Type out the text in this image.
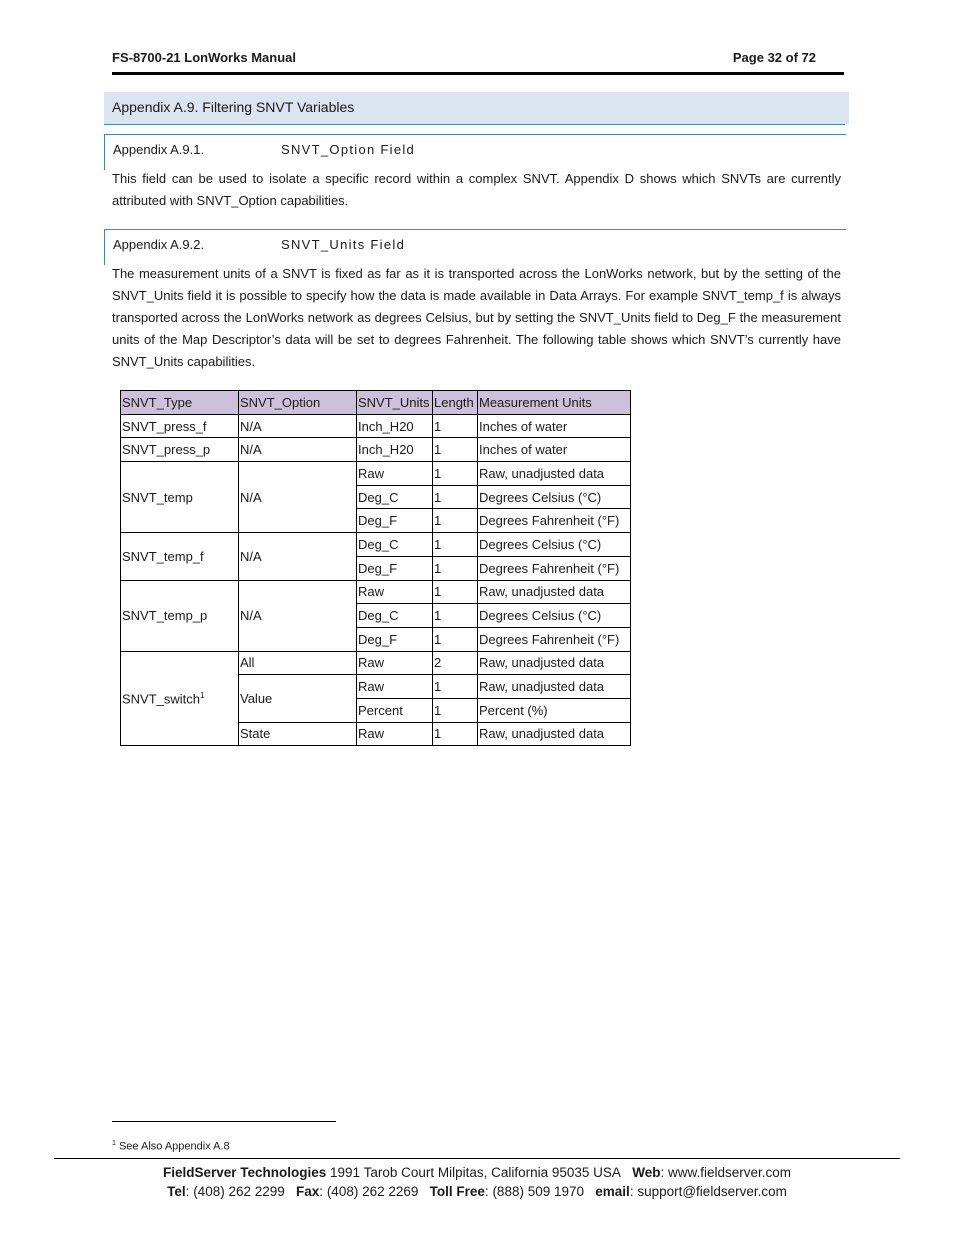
FS-8700-21 LonWorks Manual	Page 32 of 72
Appendix A.9. Filtering SNVT Variables
Appendix A.9.1.	SNVT_Option Field

This field can be used to isolate a specific record within a complex SNVT. Appendix D shows which SNVTs are currently attributed with SNVT_Option capabilities.

Appendix A.9.2.	SNVT_Units Field

The measurement units of a SNVT is fixed as far as it is transported across the LonWorks network, but by the setting of the SNVT_Units field it is possible to specify how the data is made available in Data Arrays. For example SNVT_temp_f is always transported across the LonWorks network as degrees Celsius, but by setting the SNVT_Units field to Deg_F the measurement units of the Map Descriptor’s data will be set to degrees Fahrenheit. The following table shows which SNVT’s currently have SNVT_Units capabilities.

SNVT_Type	SNVT_Option	SNVT_Units	Length	Measurement Units
SNVT_press_f	N/A	Inch_H20	1	Inches of water
SNVT_press_p	N/A	Inch_H20	1	Inches of water
SNVT_temp	N/A	Raw	1	Raw, unadjusted data
		Deg_C	1	Degrees Celsius (°C)
		Deg_F	1	Degrees Fahrenheit (°F)
SNVT_temp_f	N/A	Deg_C	1	Degrees Celsius (°C)
		Deg_F	1	Degrees Fahrenheit (°F)
SNVT_temp_p	N/A	Raw	1	Raw, unadjusted data
		Deg_C	1	Degrees Celsius (°C)
		Deg_F	1	Degrees Fahrenheit (°F)
SNVT_switch$^1$	All	Raw	2	Raw, unadjusted data
	Value	Raw	1	Raw, unadjusted data
		Percent	1	Percent (%)
	State	Raw	1	Raw, unadjusted data
$^1$ See Also Appendix A.8
FieldServer Technologies 1991 Tarob Court Milpitas, California 95035 USA Web: www.fieldserver.com
Tel: (408) 262 2299 Fax: (408) 262 2269 Toll Free: (888) 509 1970 email: support@fieldserver.com
